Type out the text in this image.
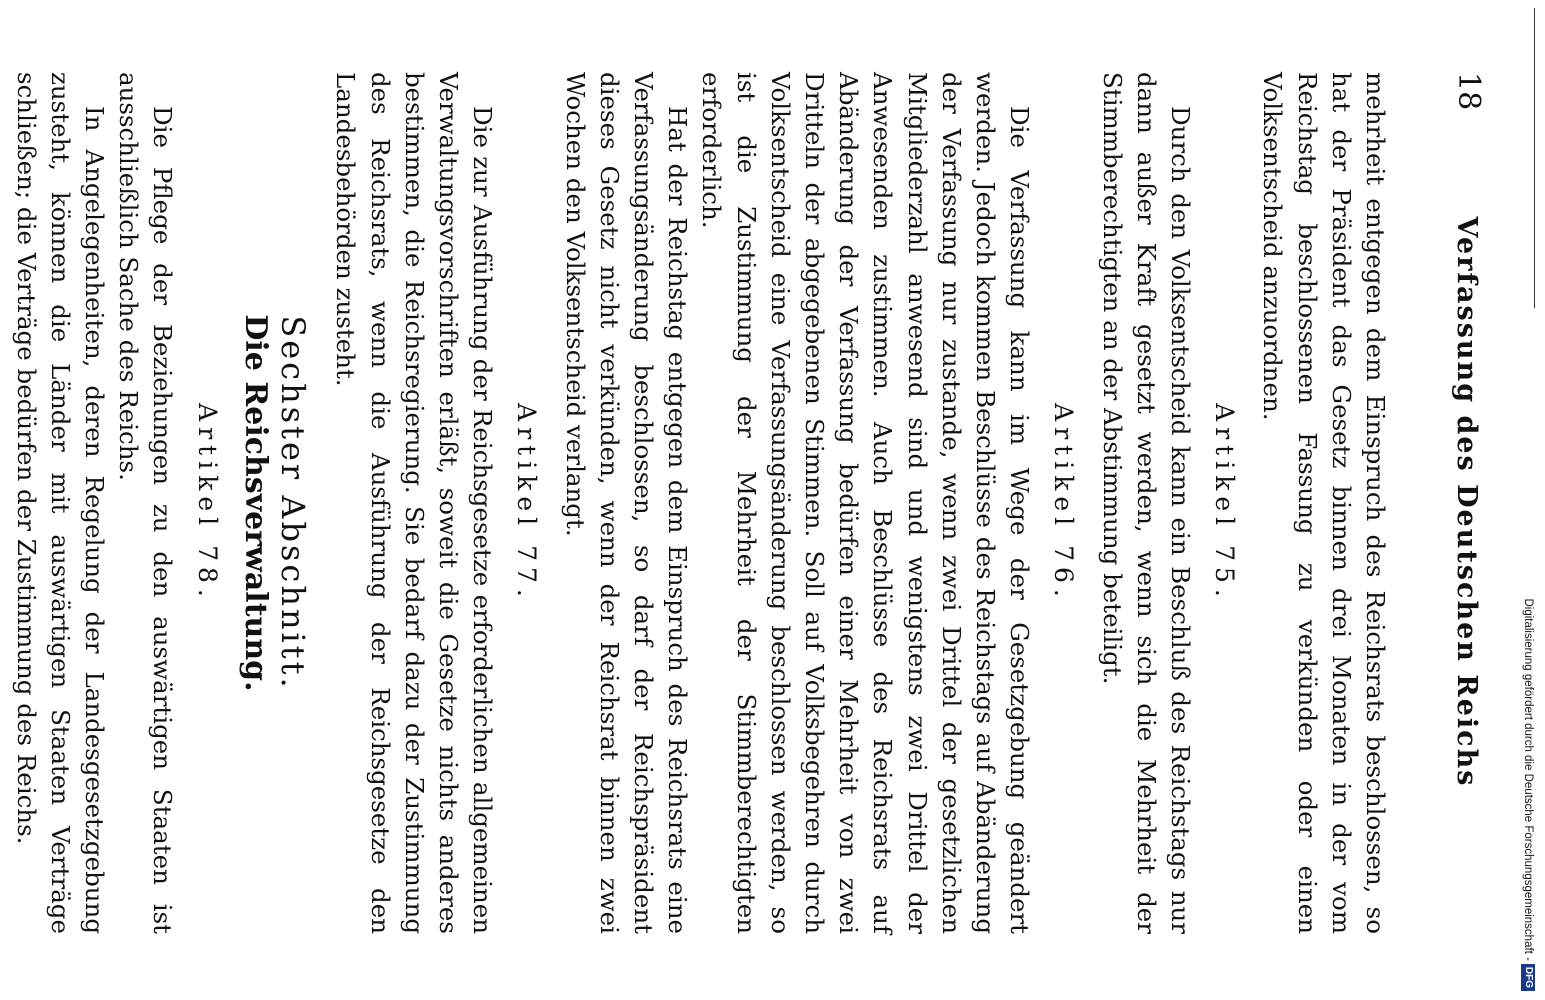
18
Verfassung des Deutschen Reichs

mehrheit entgegen dem Einspruch des Reichsrats beschlossen, so hat der Präsident das Gesetz binnen drei Monaten in der vom Reichstag beschlossenen Fassung zu verkünden oder einen Volksentscheid anzuordnen.

Artikel 75.

Durch den Volksentscheid kann ein Beschluß des Reichstags nur dann außer Kraft gesetzt werden, wenn sich die Mehrheit der Stimmberechtigten an der Abstimmung beteiligt.

Artikel 76.

Die Verfassung kann im Wege der Gesetzgebung geändert werden. Jedoch kommen Beschlüsse des Reichstags auf Abänderung der Verfassung nur zustande, wenn zwei Drittel der gesetzlichen Mitgliederzahl anwesend sind und wenigstens zwei Drittel der Anwesenden zustimmen. Auch Beschlüsse des Reichsrats auf Abänderung der Verfassung bedürfen einer Mehrheit von zwei Dritteln der abgegebenen Stimmen. Soll auf Volksbegehren durch Volksentscheid eine Verfassungsänderung beschlossen werden, so ist die Zustimmung der Mehrheit der Stimmberechtigten erforderlich.

Hat der Reichstag entgegen dem Einspruch des Reichsrats eine Verfassungsänderung beschlossen, so darf der Reichspräsident dieses Gesetz nicht verkünden, wenn der Reichsrat binnen zwei Wochen den Volksentscheid verlangt.

Artikel 77.

Die zur Ausführung der Reichsgesetze erforderlichen allgemeinen Verwaltungsvorschriften erläßt, soweit die Gesetze nichts anderes bestimmen, die Reichsregierung. Sie bedarf dazu der Zustimmung des Reichsrats, wenn die Ausführung der Reichsgesetze den Landesbehörden zusteht.

Sechster Abschnitt.
Die Reichsverwaltung.
Artikel 78.

Die Pflege der Beziehungen zu den auswärtigen Staaten ist ausschließlich Sache des Reichs.

In Angelegenheiten, deren Regelung der Landesgesetzgebung zusteht, können die Länder mit auswärtigen Staaten Verträge schließen; die Verträge bedürfen der Zustimmung des Reichs.	Digitalisierung gefördert durch die Deutsche Forschungsgemeinschaft -DFG
